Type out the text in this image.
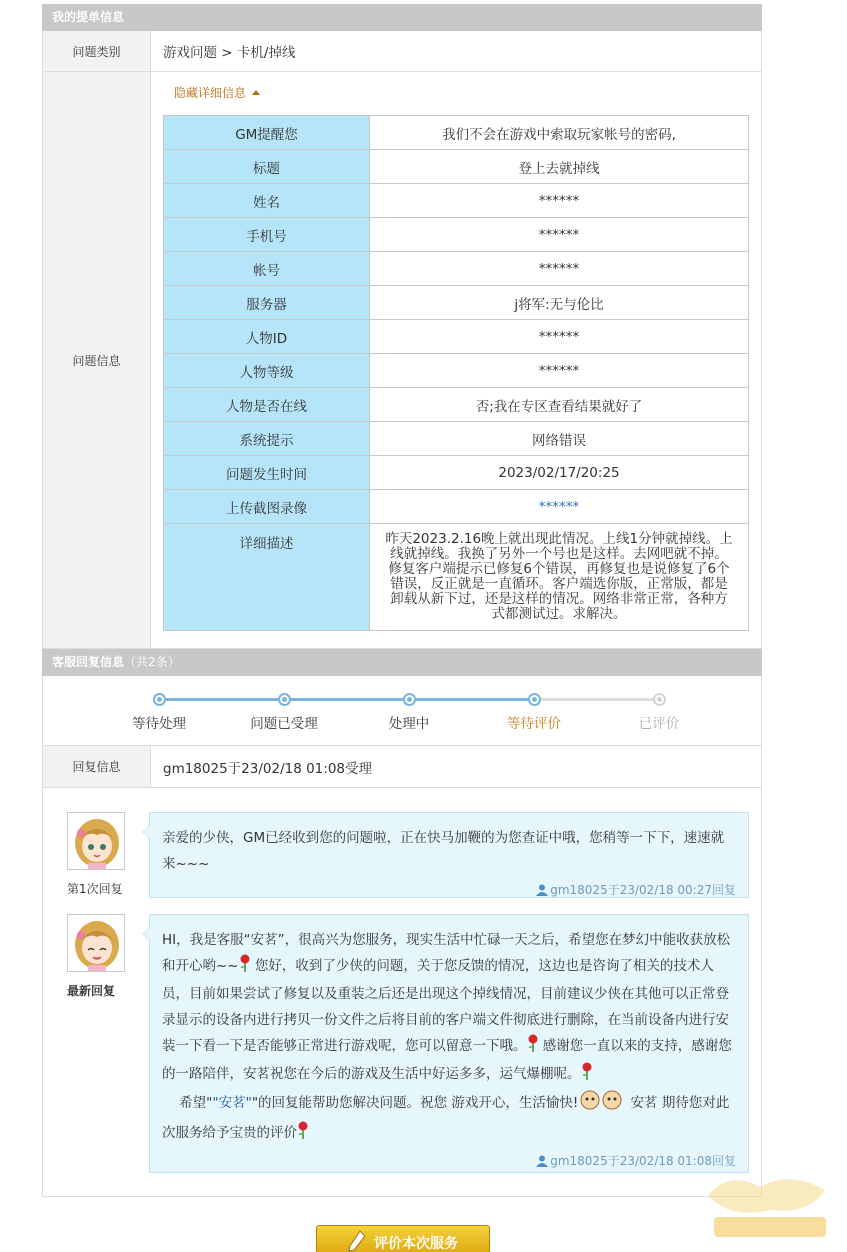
我的提单信息
问题类别	游戏问题 > 卡机/掉线
问题信息
隐藏详细信息
GM提醒您	我们不会在游戏中索取玩家帐号的密码,
标题	登上去就掉线
姓名	******
手机号	******
帐号	******
服务器	j将军:无与伦比
人物ID	******
人物等级	******
人物是否在线	否;我在专区查看结果就好了
系统提示	网络错误
问题发生时间	2023/02/17/20:25
上传截图录像	******
详细描述	昨天2023.2.16晚上就出现此情况。上线1分钟就掉线。上线就掉线。我换了另外一个号也是这样。去网吧就不掉。修复客户端提示已修复6个错误，再修复也是说修复了6个错误，反正就是一直循环。客户端选你版，正常版，都是卸载从新下过，还是这样的情况。网络非常正常，各种方式都测试过。求解决。
客服回复信息（共2条）
等待处理	问题已受理	处理中	等待评价	已评价
回复信息	gm18025于23/02/18 01:08受理
第1次回复
亲爱的少侠，GM已经收到您的问题啦，正在快马加鞭的为您查证中哦，您稍等一下下，速速就来~~~
gm18025于23/02/18 00:27回复
最新回复
HI，我是客服“安茗”，很高兴为您服务，现实生活中忙碌一天之后，希望您在梦幻中能收获放松和开心哟~~ 您好，收到了少侠的问题，关于您反馈的情况，这边也是咨询了相关的技术人员，目前如果尝试了修复以及重装之后还是出现这个掉线情况，目前建议少侠在其他可以正常登录显示的设备内进行拷贝一份文件之后将目前的客户端文件彻底进行删除，在当前设备内进行安装一下看一下是否能够正常进行游戏呢，您可以留意一下哦。 感谢您一直以来的支持，感谢您的一路陪伴，安茗祝您在今后的游戏及生活中好运多多，运气爆棚呢。
希望""安茗""的回复能帮助您解决问题。祝您 游戏开心，生活愉快!	安茗 期待您对此次服务给予宝贵的评价
gm18025于23/02/18 01:08回复
评价本次服务
